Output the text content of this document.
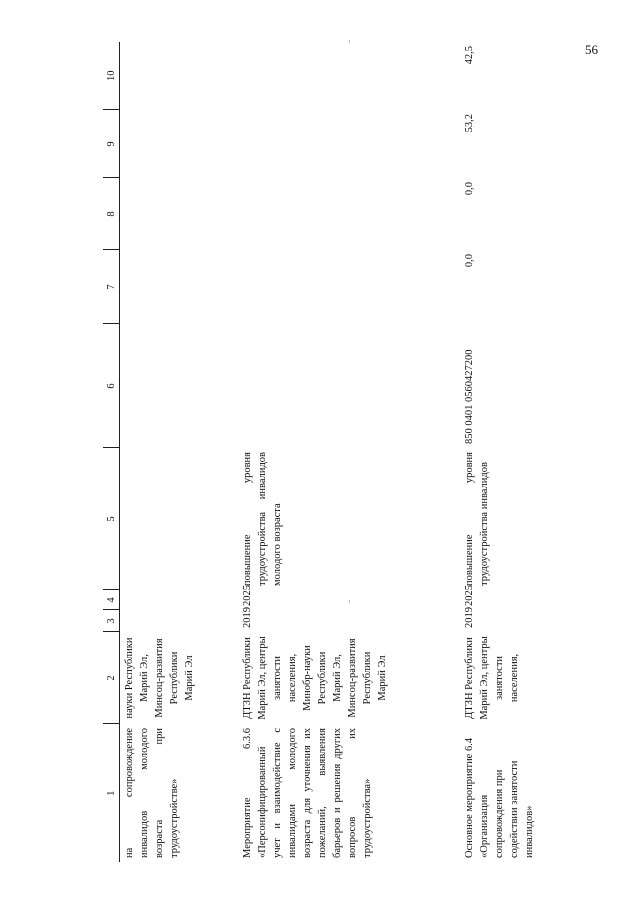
56
1	2	3	4	5	6	7	8	9	10
на сопровождение инвалидов молодого возраста при трудоустройстве»	науки Республики Марий Эл, Минсоц-развития Республики Марий Эл								
Мероприятие 6.3.6 «Персонифицированный учет и взаимодействие с инвалидами молодого возраста для уточнения их пожеланий, выявления барьеров и решения других вопросов их трудоустройства»	ДТЗН Республики Марий Эл, центры занятости населения, Минобр-науки Республики Марий Эл, Минсоц-развития Республики Марий Эл	2019	2025	повышение уровня трудоустройства инвалидов молодого возраста					
Основное мероприятие 6.4 «Организация сопровождения при содействии занятости инвалидов»	ДТЗН Республики Марий Эл, центры занятости населения,	2019	2025	повышение уровня трудоустройства инвалидов	850 0401 0560427200	0,0	0,0	53,2	42,5
